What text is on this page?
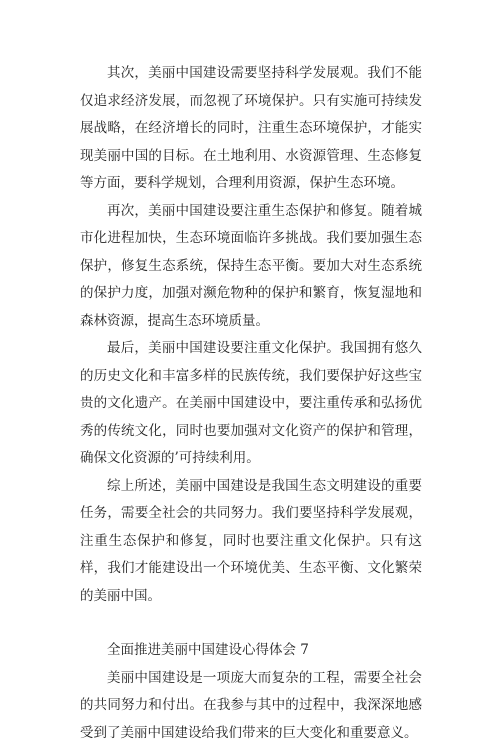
其次，美丽中国建设需要坚持科学发展观。我们不能仅追求经济发展，而忽视了环境保护。只有实施可持续发展战略，在经济增长的同时，注重生态环境保护，才能实现美丽中国的目标。在土地利用、水资源管理、生态修复等方面，要科学规划，合理利用资源，保护生态环境。

再次，美丽中国建设要注重生态保护和修复。随着城市化进程加快，生态环境面临许多挑战。我们要加强生态保护，修复生态系统，保持生态平衡。要加大对生态系统的保护力度，加强对濒危物种的保护和繁育，恢复湿地和森林资源，提高生态环境质量。

最后，美丽中国建设要注重文化保护。我国拥有悠久的历史文化和丰富多样的民族传统，我们要保护好这些宝贵的文化遗产。在美丽中国建设中，要注重传承和弘扬优秀的传统文化，同时也要加强对文化资产的保护和管理，确保文化资源的’可持续利用。

综上所述，美丽中国建设是我国生态文明建设的重要任务，需要全社会的共同努力。我们要坚持科学发展观，注重生态保护和修复，同时也要注重文化保护。只有这样，我们才能建设出一个环境优美、生态平衡、文化繁荣的美丽中国。

全面推进美丽中国建设心得体会 7

美丽中国建设是一项庞大而复杂的工程，需要全社会的共同努力和付出。在我参与其中的过程中，我深深地感受到了美丽中国建设给我们带来的巨大变化和重要意义。
